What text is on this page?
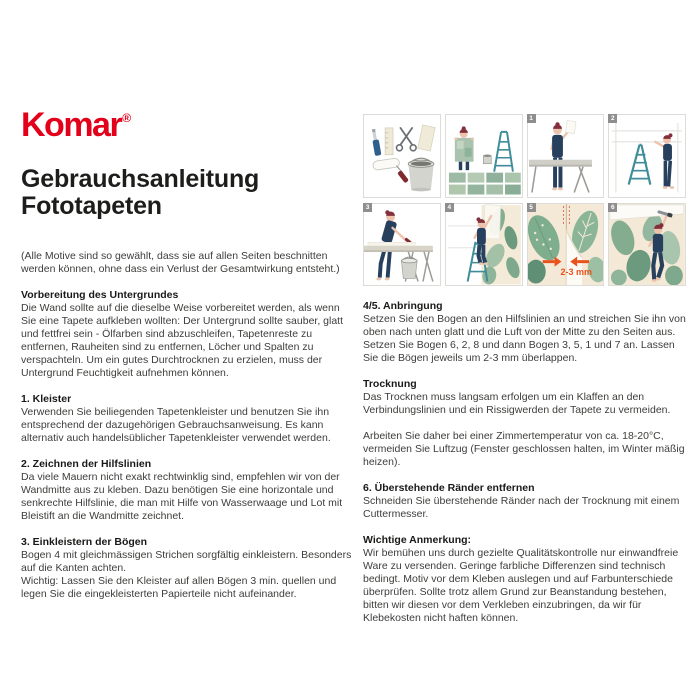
Komar®
Gebrauchsanleitung
Fototapeten

(Alle Motive sind so gewählt, dass sie auf allen Seiten beschnitten werden können, ohne dass ein Verlust der Gesamtwirkung entsteht.)

1	2
3	4	5
2-3 mm
6
Vorbereitung des Untergrundes

Die Wand sollte auf die dieselbe Weise vorbereitet werden, als wenn Sie eine Tapete aufkleben wollten: Der Untergrund sollte sauber, glatt und fettfrei sein - Ölfarben sind abzuschleifen, Tapetenreste zu entfernen, Rauheiten sind zu entfernen, Löcher und Spalten zu verspachteln. Um ein gutes Durchtrocknen zu erzielen, muss der Untergrund Feuchtigkeit aufnehmen können.

1. Kleister

Verwenden Sie beiliegenden Tapetenkleister und benutzen Sie ihn entsprechend der dazugehörigen Gebrauchsanweisung. Es kann alternativ auch handelsüblicher Tapetenkleister verwendet werden.

2. Zeichnen der Hilfslinien

Da viele Mauern nicht exakt rechtwinklig sind, empfehlen wir von der Wandmitte aus zu kleben. Dazu benötigen Sie eine horizontale und senkrechte Hilfslinie, die man mit Hilfe von Wasserwaage und Lot mit Bleistift an die Wandmitte zeichnet.

3. Einkleistern der Bögen

Bogen 4 mit gleichmässigen Strichen sorgfältig einkleistern. Besonders auf die Kanten achten.

Wichtig: Lassen Sie den Kleister auf allen Bögen 3 min. quellen und legen Sie die eingekleisterten Papierteile nicht aufeinander.

4/5. Anbringung

Setzen Sie den Bogen an den Hilfslinien an und streichen Sie ihn von oben nach unten glatt und die Luft von der Mitte zu den Seiten aus. Setzen Sie Bogen 6, 2, 8 und dann Bogen 3, 5, 1 und 7 an. Lassen Sie die Bögen jeweils um 2-3 mm überlappen.

Trocknung

Das Trocknen muss langsam erfolgen um ein Klaffen an den Verbindungslinien und ein Rissigwerden der Tapete zu vermeiden.

Arbeiten Sie daher bei einer Zimmertemperatur von ca. 18-20°C, vermeiden Sie Luftzug (Fenster geschlossen halten, im Winter mäßig heizen).

6. Überstehende Ränder entfernen

Schneiden Sie überstehende Ränder nach der Trocknung mit einem Cuttermesser.

Wichtige Anmerkung:

Wir bemühen uns durch gezielte Qualitätskontrolle nur einwandfreie Ware zu versenden. Geringe farbliche Differenzen sind technisch bedingt. Motiv vor dem Kleben auslegen und auf Farbunterschiede überprüfen. Sollte trotz allem Grund zur Beanstandung bestehen, bitten wir diesen vor dem Verkleben einzubringen, da wir für Klebekosten nicht haften können.
